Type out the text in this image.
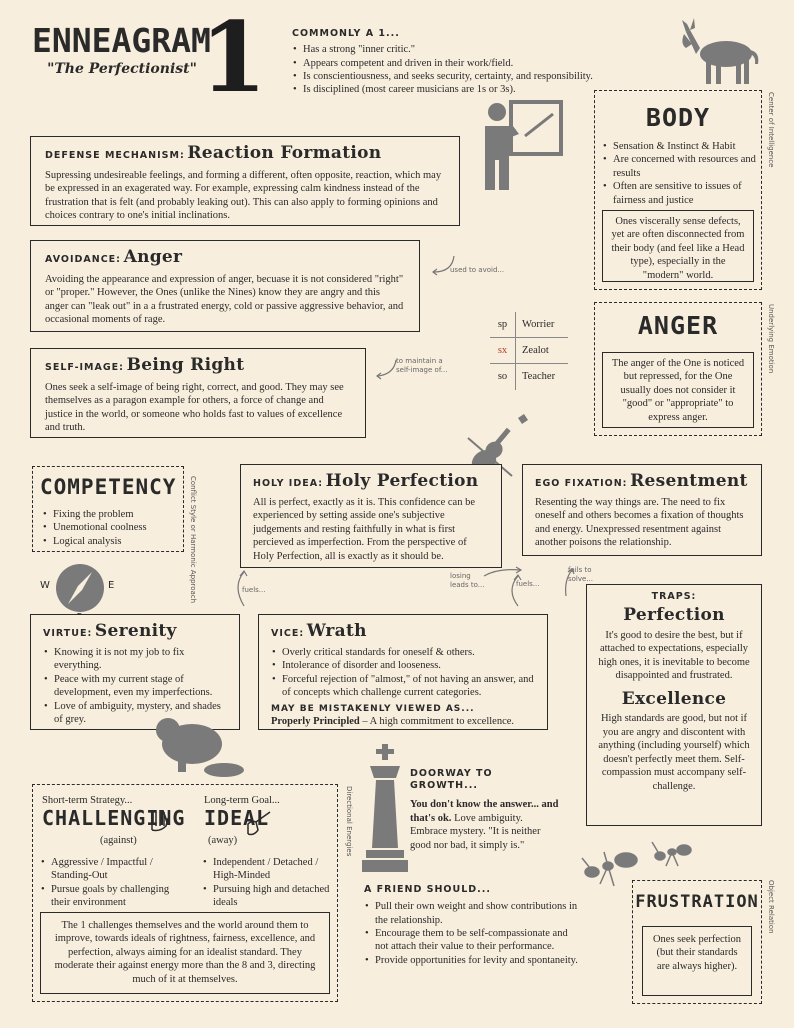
ENNEAGRAM
"The Perfectionist" 1	COMMONLY A 1...
• Has a strong "inner critic."
• Appears competent and driven in their work/field.
• Is conscientiousness, and seeks security, certainty, and responsibility.
• Is disciplined (most career musicians are 1s or 3s).
DEFENSE MECHANISM: Reaction Formation
Supressing undesireable feelings, and forming a different, often opposite, reaction, which may be expressed in an exagerated way. For example, expressing calm kindness instead of the frustration that is felt (and probably leaking out). This can also apply to forming opinions and choices contrary to one's initial inclinations.
AVOIDANCE: Anger
Avoiding the appearance and expression of anger, becuase it is not considered "right" or "proper." However, the Ones (unlike the Nines) know they are angry and this anger can "leak out" in a a frustrated energy, cold or passive aggressive behavior, and occasional moments of rage.
used to avoid...
sp	Worrier
sx	Zealot
so	Teacher
SELF-IMAGE: Being Right
Ones seek a self-image of being right, correct, and good. They may see themselves as a paragon example for others, a force of change and justice in the world, or someone who holds fast to values of excellence and truth.
to maintain a self-image of...
Center of Intelligence
BODY
• Sensation & Instinct & Habit
• Are concerned with resources and results
• Often are sensitive to issues of fairness and justice
Ones viscerally sense defects, yet are often disconnected from their body (and feel like a Head type), especially in the "modern" world.
Underlying Emotion
ANGER
The anger of the One is noticed but repressed, for the One usually does not consider it "good" or "appropriate" to express anger.
Conflict Style or Harmonic Approach
COMPETENCY
• Fixing the problem
• Unemotional coolness
• Logical analysis
W	E
HOLY IDEA: Holy Perfection
All is perfect, exactly as it is. This confidence can be experienced by setting asside one's subjective judgements and resting faithfully in what is first percieved as imperfection. From the perspective of Holy Perfection, all is exactly as it should be.
EGO FIXATION: Resentment
Resenting the way things are. The need to fix oneself and others becomes a fixation of thoughts and energy. Unexpressed resentment against another poisons the relationship.
fuels...
losing leads to...	fuels...
fails to solve...
VIRTUE: Serenity
• Knowing it is not my job to fix everything.
• Peace with my current stage of development, even my imperfections.
• Love of ambiguity, mystery, and shades of grey.
VICE: Wrath
• Overly critical standards for oneself & others.
• Intolerance of disorder and looseness.
• Forceful rejection of "almost," of not having an answer, and of concepts which challenge current categories.
MAY BE MISTAKENLY VIEWED AS...
Properly Principled – A high commitment to excellence.
TRAPS:
Perfection
It's good to desire the best, but if attached to expectations, especially high ones, it is inevitable to become disappointed and frustrated.
Excellence
High standards are good, but not if you are angry and discontent with anything (including yourself) which doesn't perfectly meet them. Self-compassion must accompany self-challenge.
Directional Energies
Short-term Strategy...
CHALLENGING
(against)
• Aggressive / Impactful / Standing-Out
• Pursue goals by challenging their environment
Long-term Goal...
IDEAL
(away)
• Independent / Detached / High-Minded
• Pursuing high and detached ideals
The 1 challenges themselves and the world around them to improve, towards ideals of rightness, fairness, excellence, and perfection, always aiming for an idealist standard. They moderate their against energy more than the 8 and 3, directing much of it at themselves.
DOORWAY TO GROWTH...
You don't know the answer... and that's ok. Love ambiguity. Embrace mystery. "It is neither good nor bad, it simply is."
A FRIEND SHOULD...
• Pull their own weight and show contributions in the relationship.
• Encourage them to be self-compassionate and not attach their value to their performance.
• Provide opportunities for levity and spontaneity.
Object Relation
FRUSTRATION
Ones seek perfection (but their standards are always higher).
